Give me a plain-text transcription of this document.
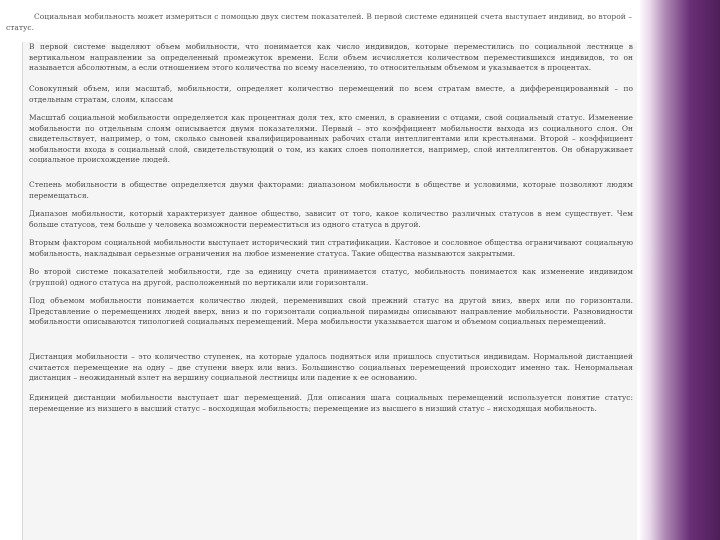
Социальная мобильность может измеряться с помощью двух систем показателей. В первой системе единицей счета выступает индивид, во второй – статус.

В первой системе выделяют объем мобильности, что понимается как число индивидов, которые переместились по социальной лестнице в вертикальном направлении за определенный промежуток времени. Если объем исчисляется количеством переместившихся индивидов, то он называется абсолютным, а если отношением этого количества по всему населению, то относительным объемом и указывается в процентах.

Совокупный объем, или масштаб, мобильности, определяет количество перемещений по всем стратам вместе, а дифференцированный – по отдельным стратам, слоям, классам

Масштаб социальной мобильности определяется как процентная доля тех, кто сменил, в сравнении с отцами, свой социальный статус. Изменение мобильности по отдельным слоям описывается двумя показателями. Первый – это коэффициент мобильности выхода из социального слоя. Он свидетельствует, например, о том, сколько сыновей квалифицированных рабочих стали интеллигентами или крестьянами. Второй – коэффициент мобильности входа в социальный слой, свидетельствующий о том, из каких слоев пополняется, например, слой интеллигентов. Он обнаруживает социальное происхождение людей.

Степень мобильности в обществе определяется двумя факторами: диапазоном мобильности в обществе и условиями, которые позволяют людям перемещаться.

Диапазон мобильности, который характеризует данное общество, зависит от того, какое количество различных статусов в нем существует. Чем больше статусов, тем больше у человека возможности переместиться из одного статуса в другой.

Вторым фактором социальной мобильности выступает исторический тип стратификации. Кастовое и сословное общества ограничивают социальную мобильность, накладывая серьезные ограничения на любое изменение статуса. Такие общества называются закрытыми.

Во второй системе показателей мобильности, где за единицу счета принимается статус, мобильность понимается как изменение индивидом (группой) одного статуса на другой, расположенный по вертикали или горизонтали.

Под объемом мобильности понимается количество людей, переменивших свой прежний статус на другой вниз, вверх или по горизонтали. Представление о перемещениях людей вверх, вниз и по горизонтали социальной пирамиды описывают направление мобильности. Разновидности мобильности описываются типологией социальных перемещений. Мера мобильности указывается шагом и объемом социальных перемещений.

Дистанция мобильности – это количество ступенек, на которые удалось подняться или пришлось спуститься индивидам. Нормальной дистанцией считается перемещение на одну – две ступени вверх или вниз. Большинство социальных перемещений происходит именно так. Ненормальная дистанция – неожиданный взлет на вершину социальной лестницы или падение к ее основанию.

Единицей дистанции мобильности выступает шаг перемещений. Для описания шага социальных перемещений используется понятие статус: перемещение из низшего в высший статус – восходящая мобильность; перемещение из высшего в низший статус – нисходящая мобильность.
